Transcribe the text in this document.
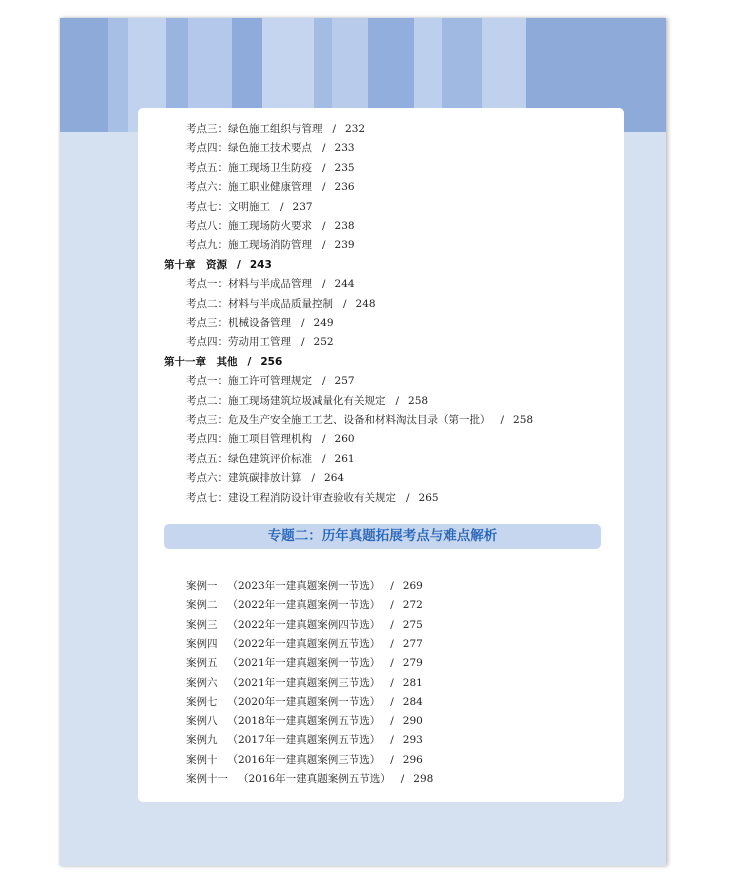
考点三：绿色施工组织与管理 / 232
考点四：绿色施工技术要点 / 233
考点五：施工现场卫生防疫 / 235
考点六：施工职业健康管理 / 236
考点七：文明施工 / 237
考点八：施工现场防火要求 / 238
考点九：施工现场消防管理 / 239
第十章　资源 / 243
考点一：材料与半成品管理 / 244
考点二：材料与半成品质量控制 / 248
考点三：机械设备管理 / 249
考点四：劳动用工管理 / 252
第十一章　其他 / 256
考点一：施工许可管理规定 / 257
考点二：施工现场建筑垃圾减量化有关规定 / 258
考点三：危及生产安全施工工艺、设备和材料淘汰目录（第一批） / 258
考点四：施工项目管理机构 / 260
考点五：绿色建筑评价标准 / 261
考点六：建筑碳排放计算 / 264
考点七：建设工程消防设计审查验收有关规定 / 265
专题二：历年真题拓展考点与难点解析
案例一 （2023年一建真题案例一节选） / 269
案例二 （2022年一建真题案例一节选） / 272
案例三 （2022年一建真题案例四节选） / 275
案例四 （2022年一建真题案例五节选） / 277
案例五 （2021年一建真题案例一节选） / 279
案例六 （2021年一建真题案例三节选） / 281
案例七 （2020年一建真题案例一节选） / 284
案例八 （2018年一建真题案例五节选） / 290
案例九 （2017年一建真题案例五节选） / 293
案例十 （2016年一建真题案例三节选） / 296
案例十一 （2016年一建真题案例五节选） / 298
